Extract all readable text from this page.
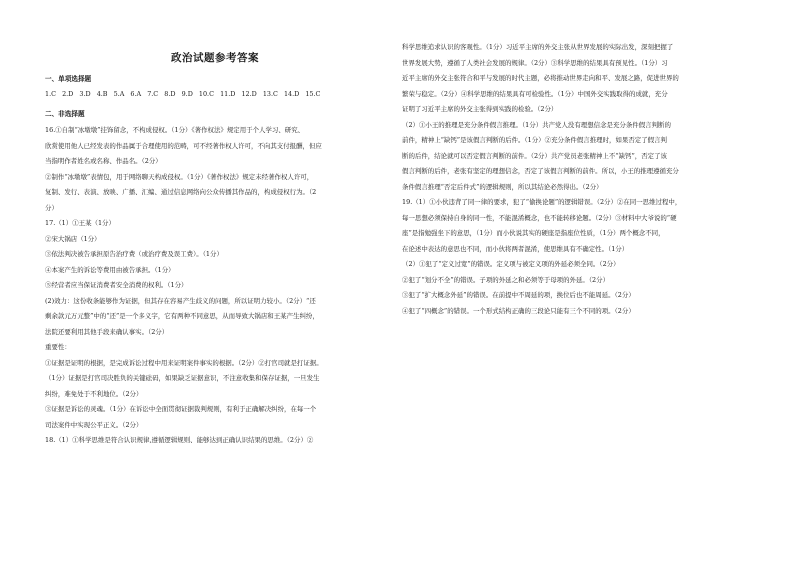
政治试题参考答案
一、单项选择题
1.C   2.D   3.D   4.B   5.A   6.A   7.C   8.D   9.D   10.C   11.D   12.D   13.C   14.D   15.C
二、非选择题
16.①自制“冰墩墩”挂饰留念，不构成侵权。（1分）《著作权法》规定用于个人学习、研究、
欣赏使用他人已经发表的作品属于合理使用的范畴，可不经著作权人许可，不向其支付报酬，但应
当指明作者姓名或名称、作品名。（2分）
②制作“冰墩墩”表情包，用于网络聊天构成侵权。（1分）《著作权法》规定未经著作权人许可，
复制、发行、表演、放映、广播、汇编、通过信息网络向公众传播其作品的，构成侵权行为。（2
分）
17.（1）①王某（1分）
②宋大锅店（1分）
③依法判决被告承担原告治疗费（或治疗费及误工费）。（1分）
④本案产生的诉讼等费用由被告承担。（1分）
⑤经营者应当保证消费者安全消费的权利。（1分）
(2)效力：这份收条能够作为证据，但其存在容易产生歧义的问题，所以证明力较小。（2分）“还
剩余款元万元整”中的“还”是一个多义字，它有两种不同意思，从而导致大锅店和王某产生纠纷，
法院还要利用其他手段来确认事实。（2分）
重要性：
①证据是证明的根据，是完成诉讼过程中用来证明案件事实的根据。（2分）②打官司就是打证据。
（1分）证据是打官司决胜负的关键砝码，如果缺乏证据意识，不注意收集和保存证据，一旦发生
纠纷，难免处于不利地位。（2分）
③证据是诉讼的灵魂。（1分）在诉讼中全面贯彻证据裁判规则，有利于正确解决纠纷，在每一个
司法案件中实现公平正义。（2分）
18.（1）①科学思维是符合认识规律,遵循逻辑规则、能够达到正确认识结果的思维。（2分）②
科学思维追求认识的客观性。（1分）习近平主席的外交主张从世界发展的实际出发，深刻把握了
世界发展大势，遵循了人类社会发展的规律。（2分）③科学思维的结果具有预见性。（1分）习
近平主席的外交主张符合和平与发展的时代主题，必将推动世界走向和平、发展之路，促进世界的
繁荣与稳定。（2分）④科学思维的结果具有可检验性。（1分）中国外交实践取得的成就，充分
证明了习近平主席的外交主张得到实践的检验。（2分）
（2）①小王的推理是充分条件假言推理。（1分）共产党人没有理想信念是充分条件假言判断的
前件，精神上“缺钙”是该假言判断的后件。（1分）②充分条件假言推理时，如果否定了假言判
断的后件，结论就可以否定假言判断的前件。（2分）共产党员老张精神上不“缺钙”，否定了该
假言判断的后件，老张有坚定的理想信念，否定了该假言判断的前件。所以，小王的推理遵循充分
条件假言推理“否定后件式”的逻辑规则，所以其结论必然得出。（2分）
19.（1）①小伙违背了同一律的要求，犯了“偷换论题”的逻辑错误。（2分）②在同一思维过程中，
每一思想必须保持自身的同一性，不能混淆概念，也不能转移论题。（2分）③材料中大爷说的“硬
座”是指勉强坐下的意思，（1分）而小伙说其实的硬座是指座位性质，（1分）两个概念不同，
在论述中表达的意思也不同，而小伙将两者混淆，使思维具有不确定性。（1分）
（2）①犯了“定义过宽”的错误。定义项与被定义项的外延必须全同。（2分）
②犯了“划分不全”的错误。子项的外延之和必须等于母项的外延。（2分）
③犯了“扩大概念外延”的错误。在前提中不周延的项，换位后也不能周延。（2分）
④犯了“四概念”的错误。一个形式结构正确的三段论只能有三个不同的项。（2分）
